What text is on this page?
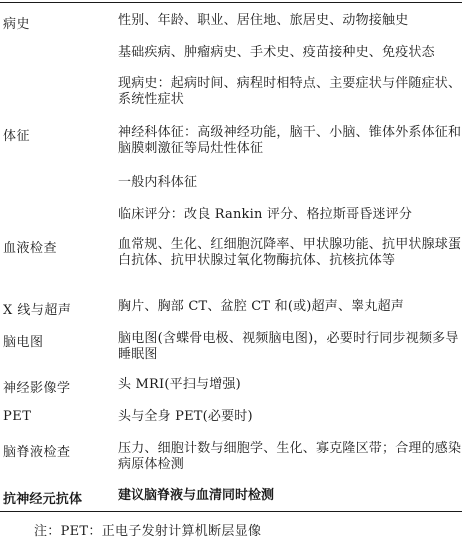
病史	性别、年龄、职业、居住地、旅居史、动物接触史
基础疾病、肿瘤病史、手术史、疫苗接种史、免疫状态
现病史：起病时间、病程时相特点、主要症状与伴随症状、系统性症状
体征	神经科体征：高级神经功能，脑干、小脑、锥体外系体征和脑膜刺激征等局灶性体征
一般内科体征
临床评分：改良 Rankin 评分、格拉斯哥昏迷评分
血液检查	血常规、生化、红细胞沉降率、甲状腺功能、抗甲状腺球蛋白抗体、抗甲状腺过氧化物酶抗体、抗核抗体等
X 线与超声	胸片、胸部 CT、盆腔 CT 和(或)超声、睾丸超声
脑电图	脑电图(含蝶骨电极、视频脑电图)，必要时行同步视频多导睡眠图
神经影像学	头 MRI(平扫与增强)
PET	头与全身 PET(必要时)
脑脊液检查	压力、细胞计数与细胞学、生化、寡克隆区带；合理的感染病原体检测
抗神经元抗体	建议脑脊液与血清同时检测
注：PET：正电子发射计算机断层显像
